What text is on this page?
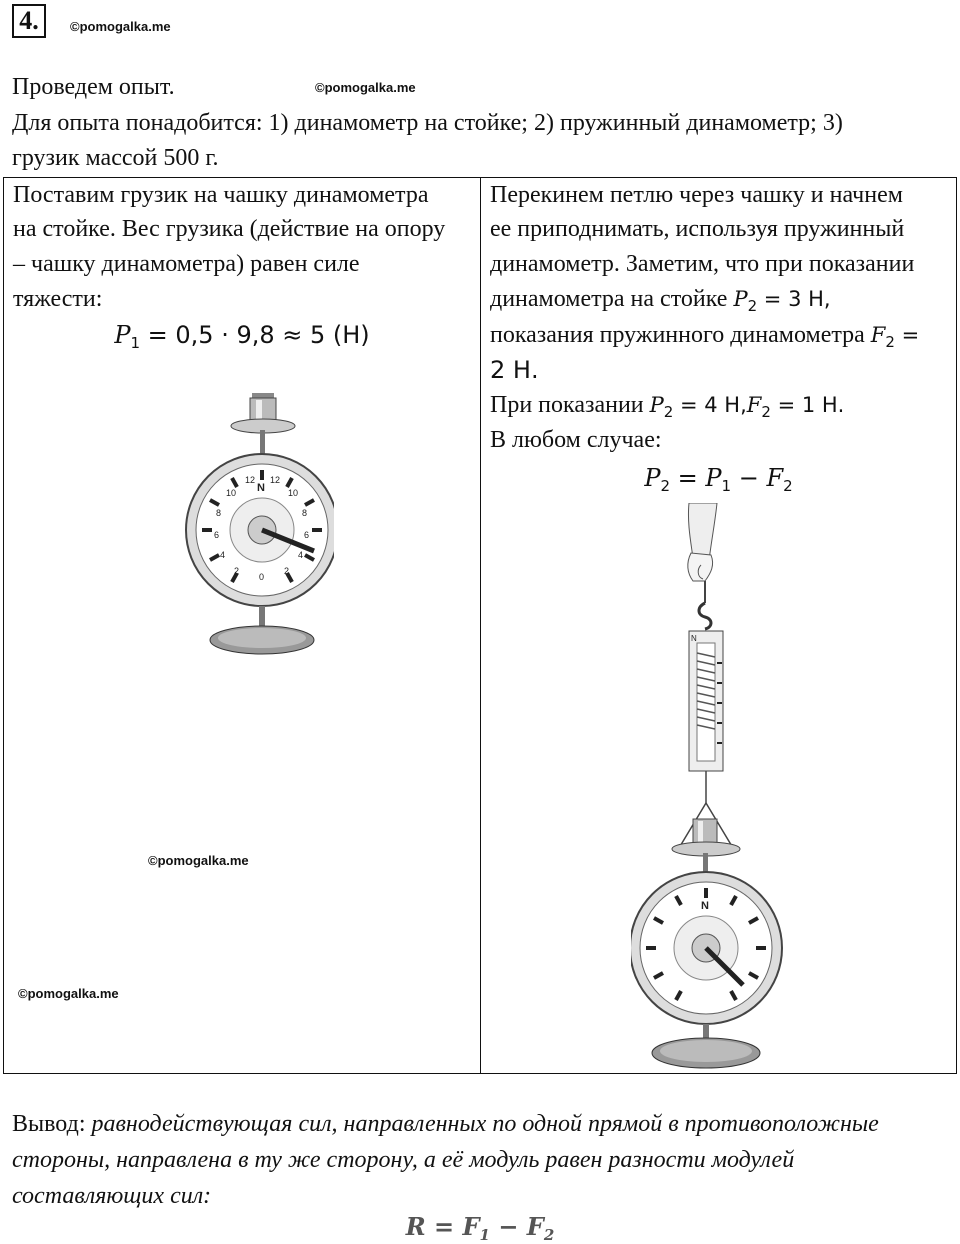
4.	©pomogalka.me
Проведем опыт.	©pomogalka.me
Для опыта понадобится: 1) динамометр на стойке; 2) пружинный динамометр; 3)
грузик массой 500 г.
Поставим грузик на чашку динамометра
на стойке. Вес грузика (действие на опору
– чашку динамометра) равен силе
тяжести:
$P_1 = 0,5 \cdot 9,8 \approx 5$ (Н)
N
12 12
10	10
8	8
6	6
4	4
2	2
0
©pomogalka.me
©pomogalka.me

Перекинем петлю через чашку и начнем
ее приподнимать, используя пружинный
динамометр. Заметим, что при показании
динамометра на стойке $P_2 = 3$ Н,
показания пружинного динамометра $F_2$ =
2 Н.
При показании $P_2 = 4$ $Н,F_2 = 1$ Н.
В любом случае:
$P_2 = P_1 - F_2$
N
N
Вывод: равнодействующая сил, направленных по одной прямой в противоположные
стороны, направлена в ту же сторону, а её модуль равен разности модулей
составляющих сил:
$R = F_1 - F_2$
